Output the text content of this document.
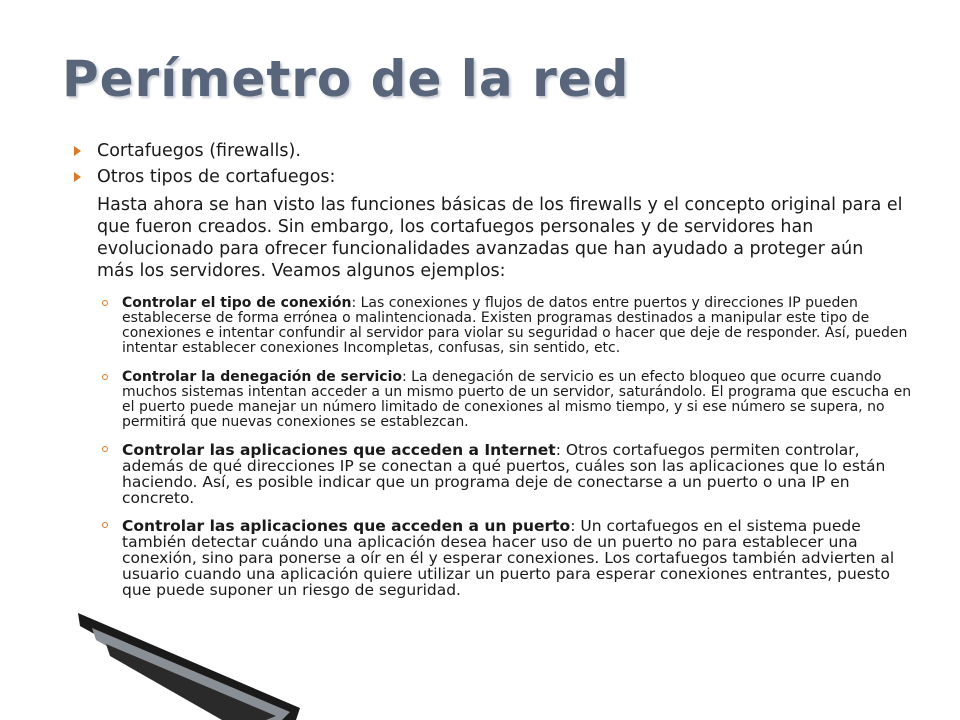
Perímetro de la red
Cortafuegos (firewalls).
Otros tipos de cortafuegos:
Hasta ahora se han visto las funciones básicas de los firewalls y el concepto original para el que fueron creados. Sin embargo, los cortafuegos personales y de servidores han evolucionado para ofrecer funcionalidades avanzadas que han ayudado a proteger aún más los servidores. Veamos algunos ejemplos:
Controlar el tipo de conexión: Las conexiones y flujos de datos entre puertos y direcciones IP pueden establecerse de forma errónea o malintencionada. Existen programas destinados a manipular este tipo de conexiones e intentar confundir al servidor para violar su seguridad o hacer que deje de responder. Así, pueden intentar establecer conexiones Incompletas, confusas, sin sentido, etc.
Controlar la denegación de servicio: La denegación de servicio es un efecto bloqueo que ocurre cuando muchos sistemas intentan acceder a un mismo puerto de un servidor, saturándolo. El programa que escucha en el puerto puede manejar un número limitado de conexiones al mismo tiempo, y si ese número se supera, no permitirá que nuevas conexiones se establezcan.
Controlar las aplicaciones que acceden a Internet: Otros cortafuegos permiten controlar, además de qué direcciones IP se conectan a qué puertos, cuáles son las aplicaciones que lo están haciendo. Así, es posible indicar que un programa deje de conectarse a un puerto o una IP en concreto.
Controlar las aplicaciones que acceden a un puerto: Un cortafuegos en el sistema puede también detectar cuándo una aplicación desea hacer uso de un puerto no para establecer una conexión, sino para ponerse a oír en él y esperar conexiones. Los cortafuegos también advierten al usuario cuando una aplicación quiere utilizar un puerto para esperar conexiones entrantes, puesto que puede suponer un riesgo de seguridad.
